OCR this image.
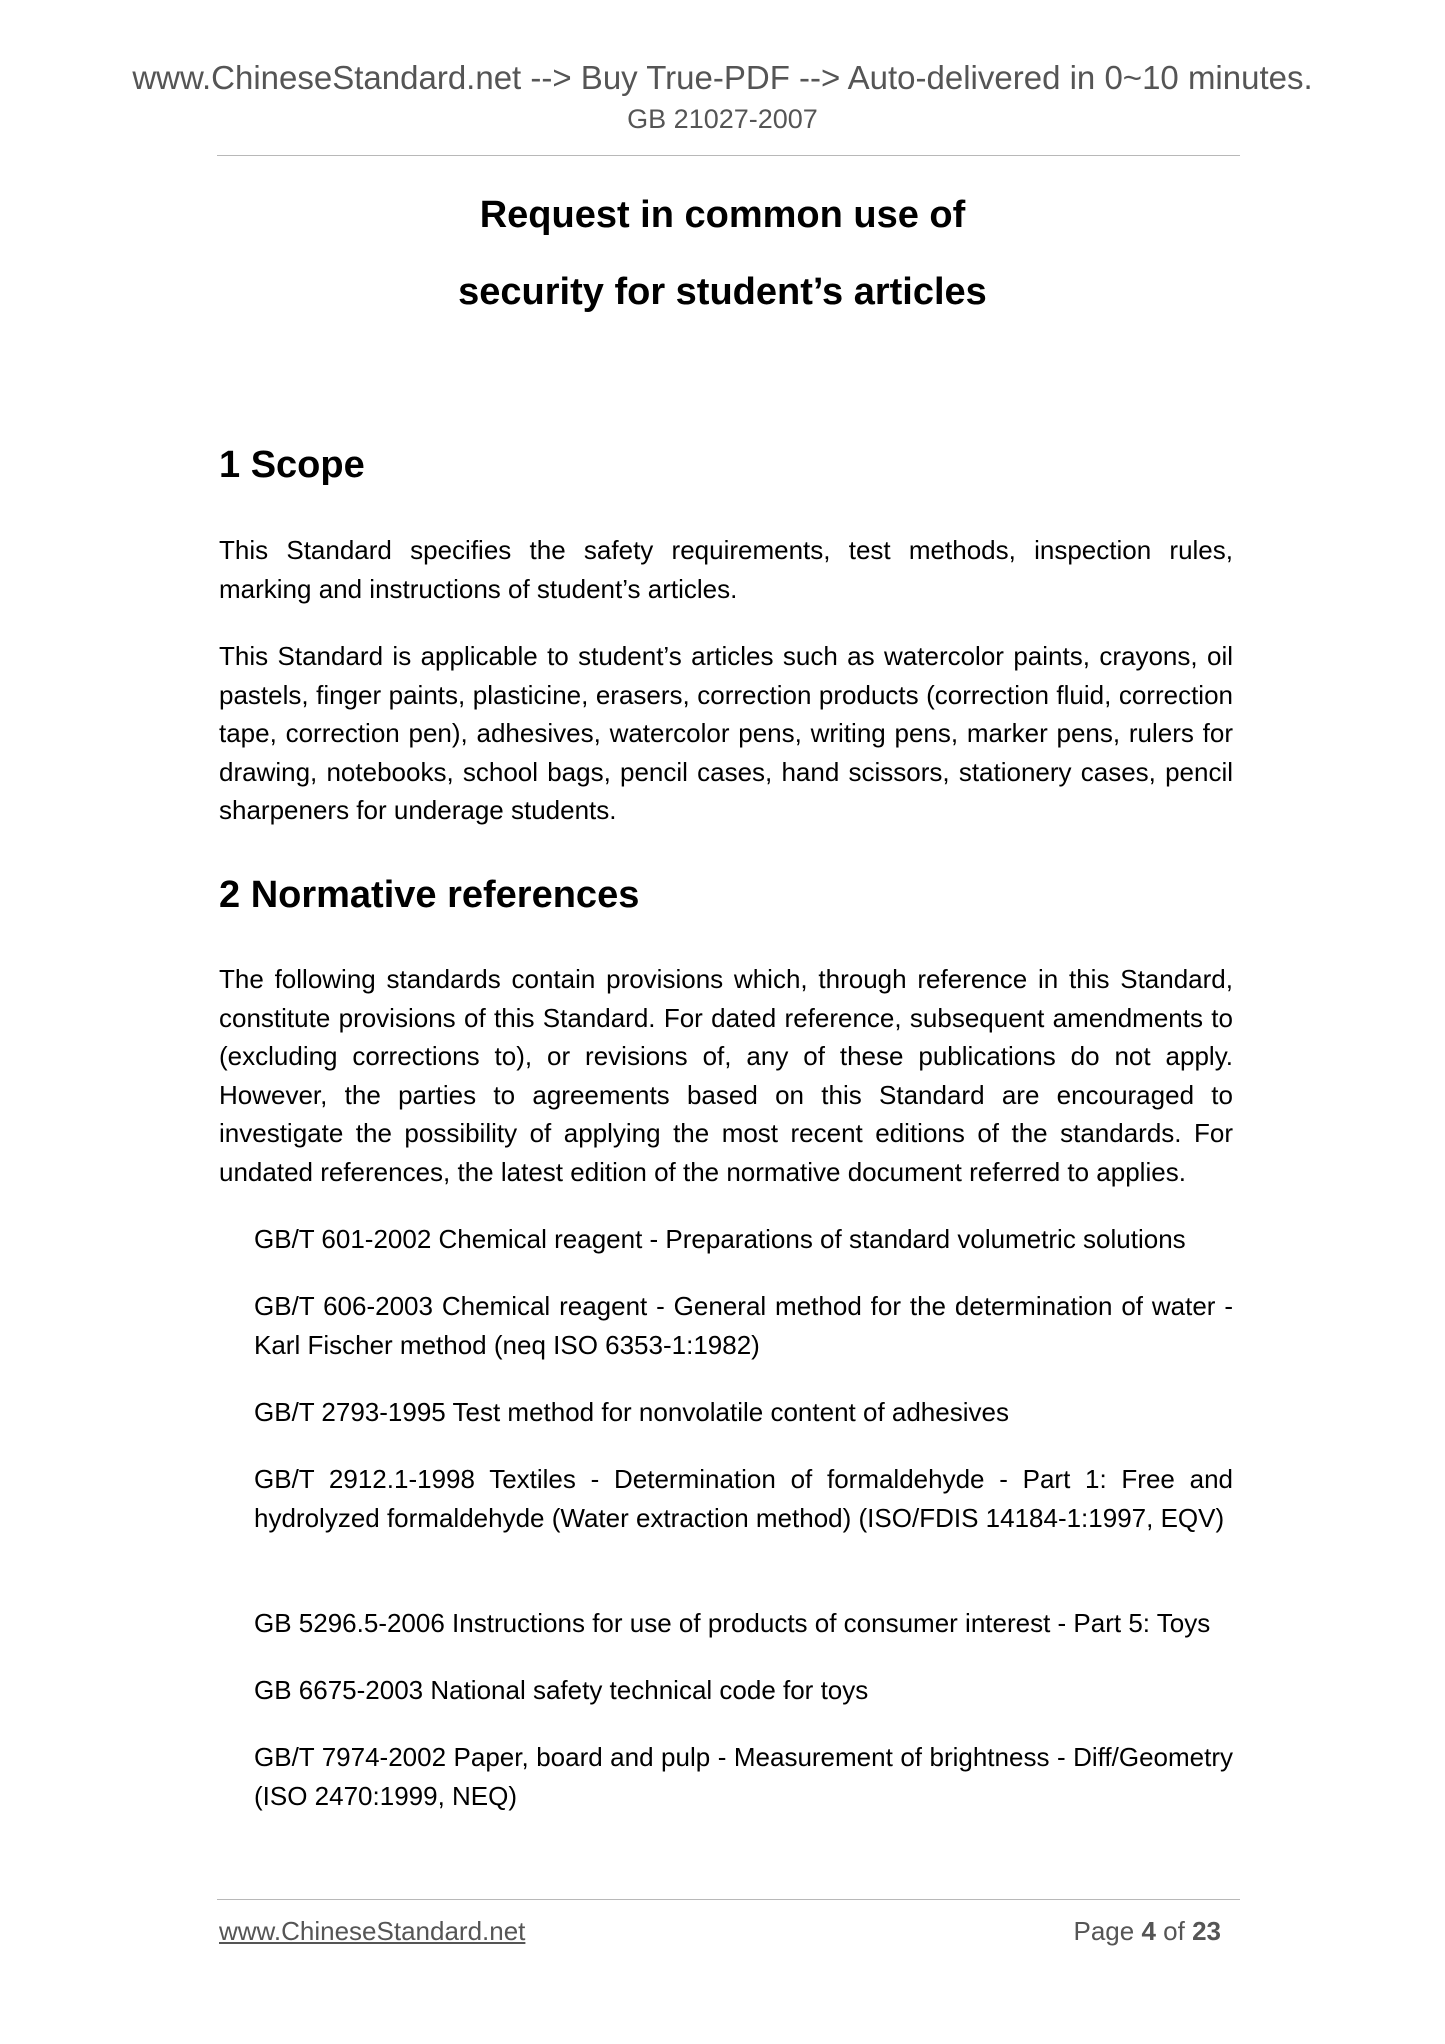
www.ChineseStandard.net --> Buy True-PDF --> Auto-delivered in 0~10 minutes.
GB 21027-2007
Request in common use of
security for student’s articles
1 Scope

This Standard specifies the safety requirements, test methods, inspection rules, marking and instructions of student’s articles.

This Standard is applicable to student’s articles such as watercolor paints, crayons, oil pastels, finger paints, plasticine, erasers, correction products (correction fluid, correction tape, correction pen), adhesives, watercolor pens, writing pens, marker pens, rulers for drawing, notebooks, school bags, pencil cases, hand scissors, stationery cases, pencil sharpeners for underage students.

2 Normative references

The following standards contain provisions which, through reference in this Standard, constitute provisions of this Standard. For dated reference, subsequent amendments to (excluding corrections to), or revisions of, any of these publications do not apply. However, the parties to agreements based on this Standard are encouraged to investigate the possibility of applying the most recent editions of the standards. For undated references, the latest edition of the normative document referred to applies.

GB/T 601-2002 Chemical reagent - Preparations of standard volumetric solutions

GB/T 606-2003 Chemical reagent - General method for the determination of water - Karl Fischer method (neq ISO 6353-1:1982)

GB/T 2793-1995 Test method for nonvolatile content of adhesives

GB/T 2912.1-1998 Textiles - Determination of formaldehyde - Part 1: Free and hydrolyzed formaldehyde (Water extraction method) (ISO/FDIS 14184-1:1997, EQV)

GB 5296.5-2006 Instructions for use of products of consumer interest - Part 5: Toys

GB 6675-2003 National safety technical code for toys

GB/T 7974-2002 Paper, board and pulp - Measurement of brightness - Diff/Geometry (ISO 2470:1999, NEQ)

www.ChineseStandard.net	Page 4 of 23
